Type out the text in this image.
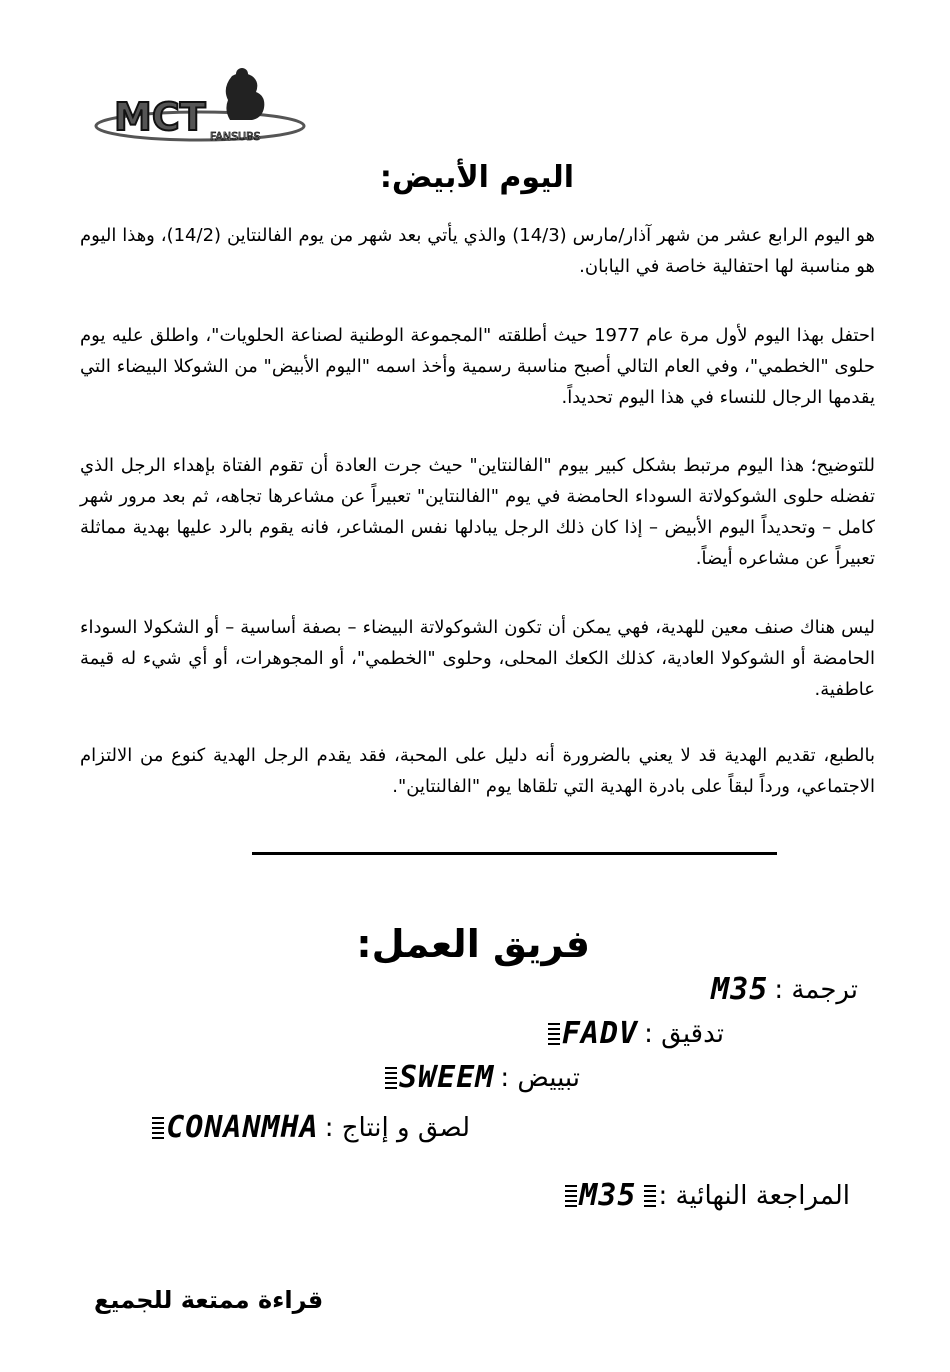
MCT FANSUBS
اليوم الأبيض:

هو اليوم الرابع عشر من شهر آذار/مارس (14/3) والذي يأتي بعد شهر من يوم الفالنتاين (14/2)، وهذا اليوم هو مناسبة لها احتفالية خاصة في اليابان.

احتفل بهذا اليوم لأول مرة عام 1977 حيث أطلقته "المجموعة الوطنية لصناعة الحلويات"، واطلق عليه يوم حلوى "الخطمي"، وفي العام التالي أصبح مناسبة رسمية وأخذ اسمه "اليوم الأبيض" من الشوكلا البيضاء التي يقدمها الرجال للنساء في هذا اليوم تحديداً.

للتوضيح؛ هذا اليوم مرتبط بشكل كبير بيوم "الفالنتاين" حيث جرت العادة أن تقوم الفتاة بإهداء الرجل الذي تفضله حلوى الشوكولاتة السوداء الحامضة في يوم "الفالنتاين" تعبيراً عن مشاعرها تجاهه، ثم بعد مرور شهر كامل – وتحديداً اليوم الأبيض – إذا كان ذلك الرجل يبادلها نفس المشاعر، فانه يقوم بالرد عليها بهدية مماثلة تعبيراً عن مشاعره أيضاً.

ليس هناك صنف معين للهدية، فهي يمكن أن تكون الشوكولاتة البيضاء – بصفة أساسية – أو الشكولا السوداء الحامضة أو الشوكولا العادية، كذلك الكعك المحلى، وحلوى "الخطمي"، أو المجوهرات، أو أي شيء له قيمة عاطفية.

بالطبع، تقديم الهدية قد لا يعني بالضرورة أنه دليل على المحبة، فقد يقدم الرجل الهدية كنوع من الالتزام الاجتماعي، ورداً لبقاً على بادرة الهدية التي تلقاها يوم "الفالنتاين".

فريق العمل:
ترجمة :
M35
تدقيق :
FADV
تبييض :
SWEEM
لصق و إنتاج :
CONANMHA
المراجعة النهائية :
M35

قراءة ممتعة للجميع
